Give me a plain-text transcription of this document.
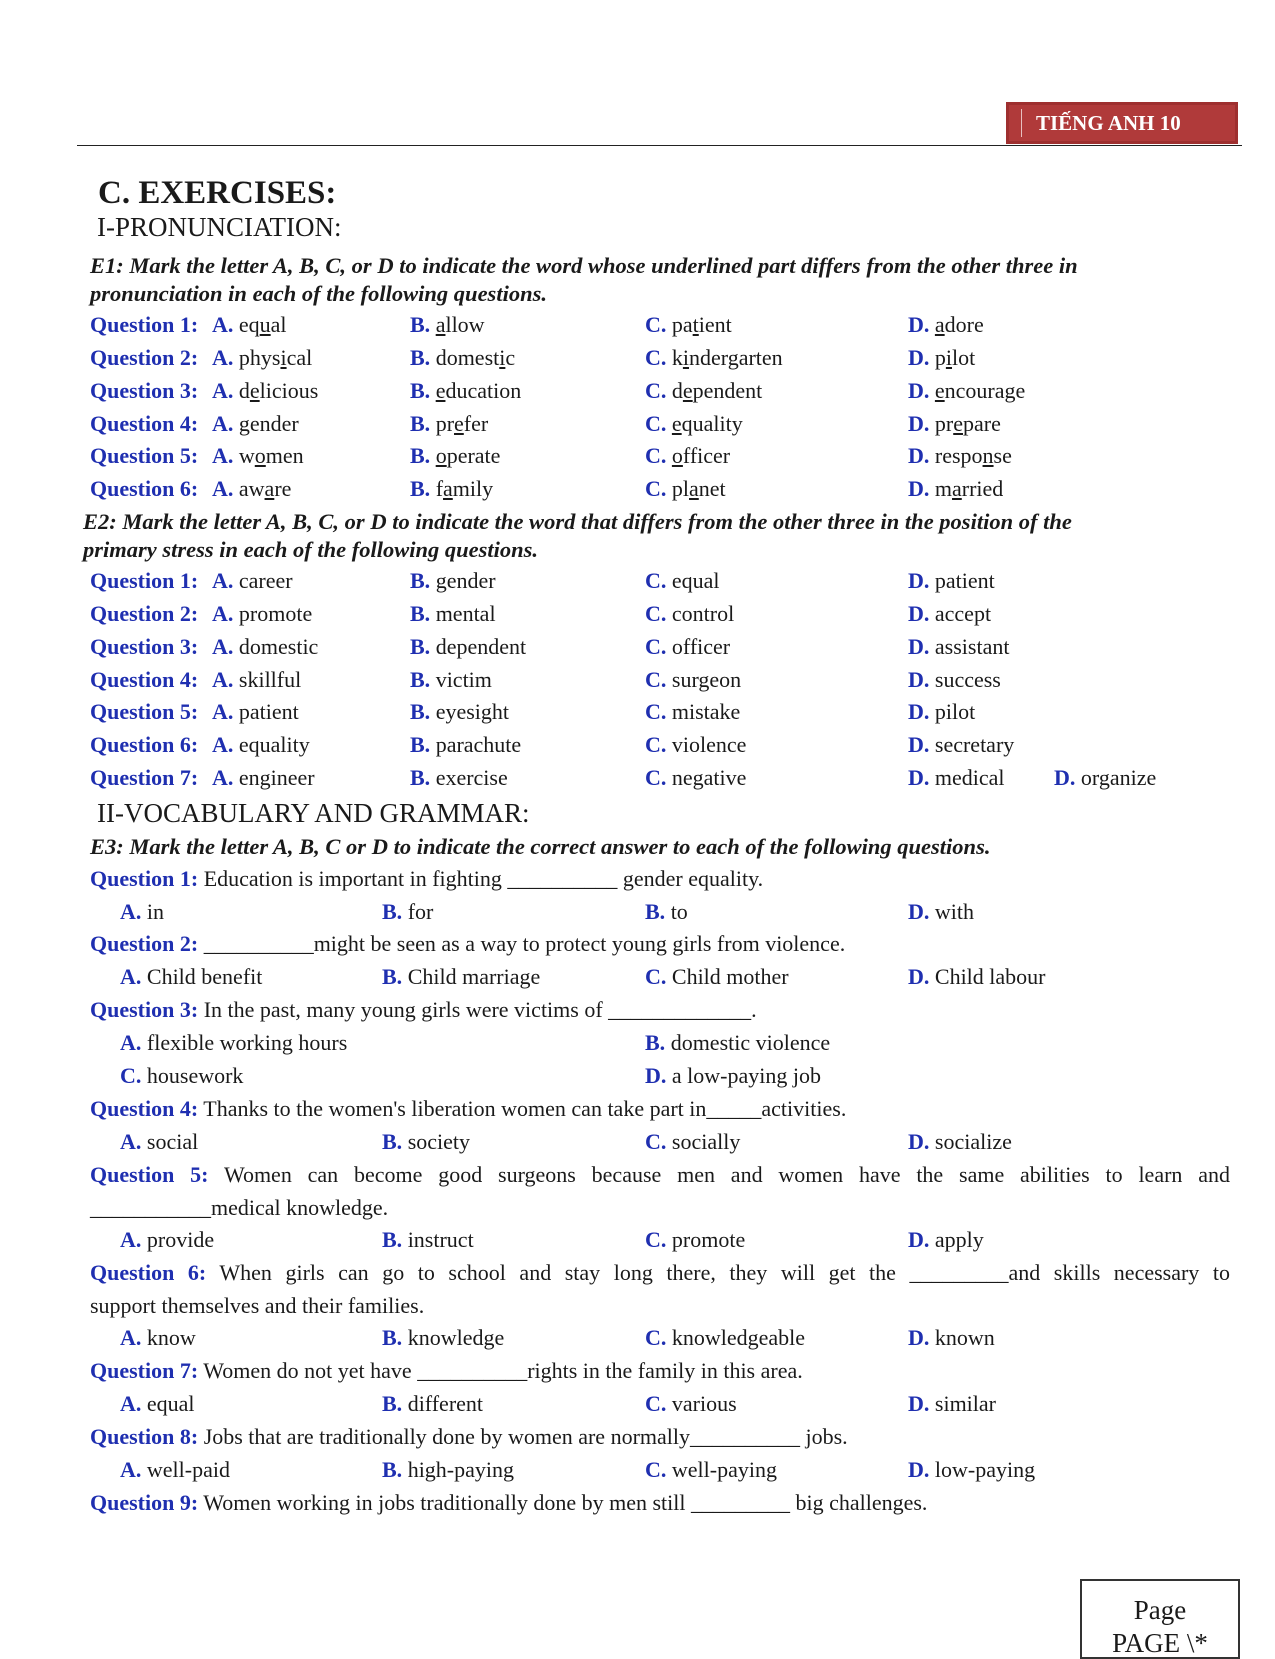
TIẾNG ANH 10
C. EXERCISES:
I-PRONUNCIATION:
E1: Mark the letter A, B, C, or D to indicate the word whose underlined part differs from the other three in
pronunciation in each of the following questions.
Question 1: A. equal	B. allow	C. patient	D. adore
Question 2: A. physical	B. domestic	C. kindergarten	D. pilot
Question 3: A. delicious	B. education	C. dependent	D. encourage
Question 4: A. gender	B. prefer	C. equality	D. prepare
Question 5: A. women	B. operate	C. officer	D. response
Question 6: A. aware	B. family	C. planet	D. married
E2: Mark the letter A, B, C, or D to indicate the word that differs from the other three in the position of the
primary stress in each of the following questions.
Question 1: A. career	B. gender	C. equal	D. patient
Question 2: A. promote	B. mental	C. control	D. accept
Question 3: A. domestic	B. dependent	C. officer	D. assistant
Question 4: A. skillful	B. victim	C. surgeon	D. success
Question 5: A. patient	B. eyesight	C. mistake	D. pilot
Question 6: A. equality	B. parachute	C. violence	D. secretary
Question 7: A. engineer	B. exercise	C. negative	D. medical D. organize
II-VOCABULARY AND GRAMMAR:
E3: Mark the letter A, B, C or D to indicate the correct answer to each of the following questions.
Question 1: Education is important in fighting __________ gender equality.
A. in	B. for	B. to	D. with
Question 2: __________might be seen as a way to protect young girls from violence.
A. Child benefit	B. Child marriage	C. Child mother	D. Child labour
Question 3: In the past, many young girls were victims of _____________.
A. flexible working hours	B. domestic violence
C. housework	D. a low-paying job
Question 4: Thanks to the women's liberation women can take part in_____activities.
A. social	B. society	C. socially	D. socialize
Question 5: Women can become good surgeons because men and women have the same abilities to learn and
___________medical knowledge.
A. provide	B. instruct	C. promote	D. apply
Question 6: When girls can go to school and stay long there, they will get the _________and skills necessary to
support themselves and their families.
A. know	B. knowledge	C. knowledgeable	D. known
Question 7: Women do not yet have __________rights in the family in this area.
A. equal	B. different	C. various	D. similar
Question 8: Jobs that are traditionally done by women are normally__________ jobs.
A. well-paid	B. high-paying	C. well-paying	D. low-paying
Question 9: Women working in jobs traditionally done by men still _________ big challenges.
Page
PAGE \*
